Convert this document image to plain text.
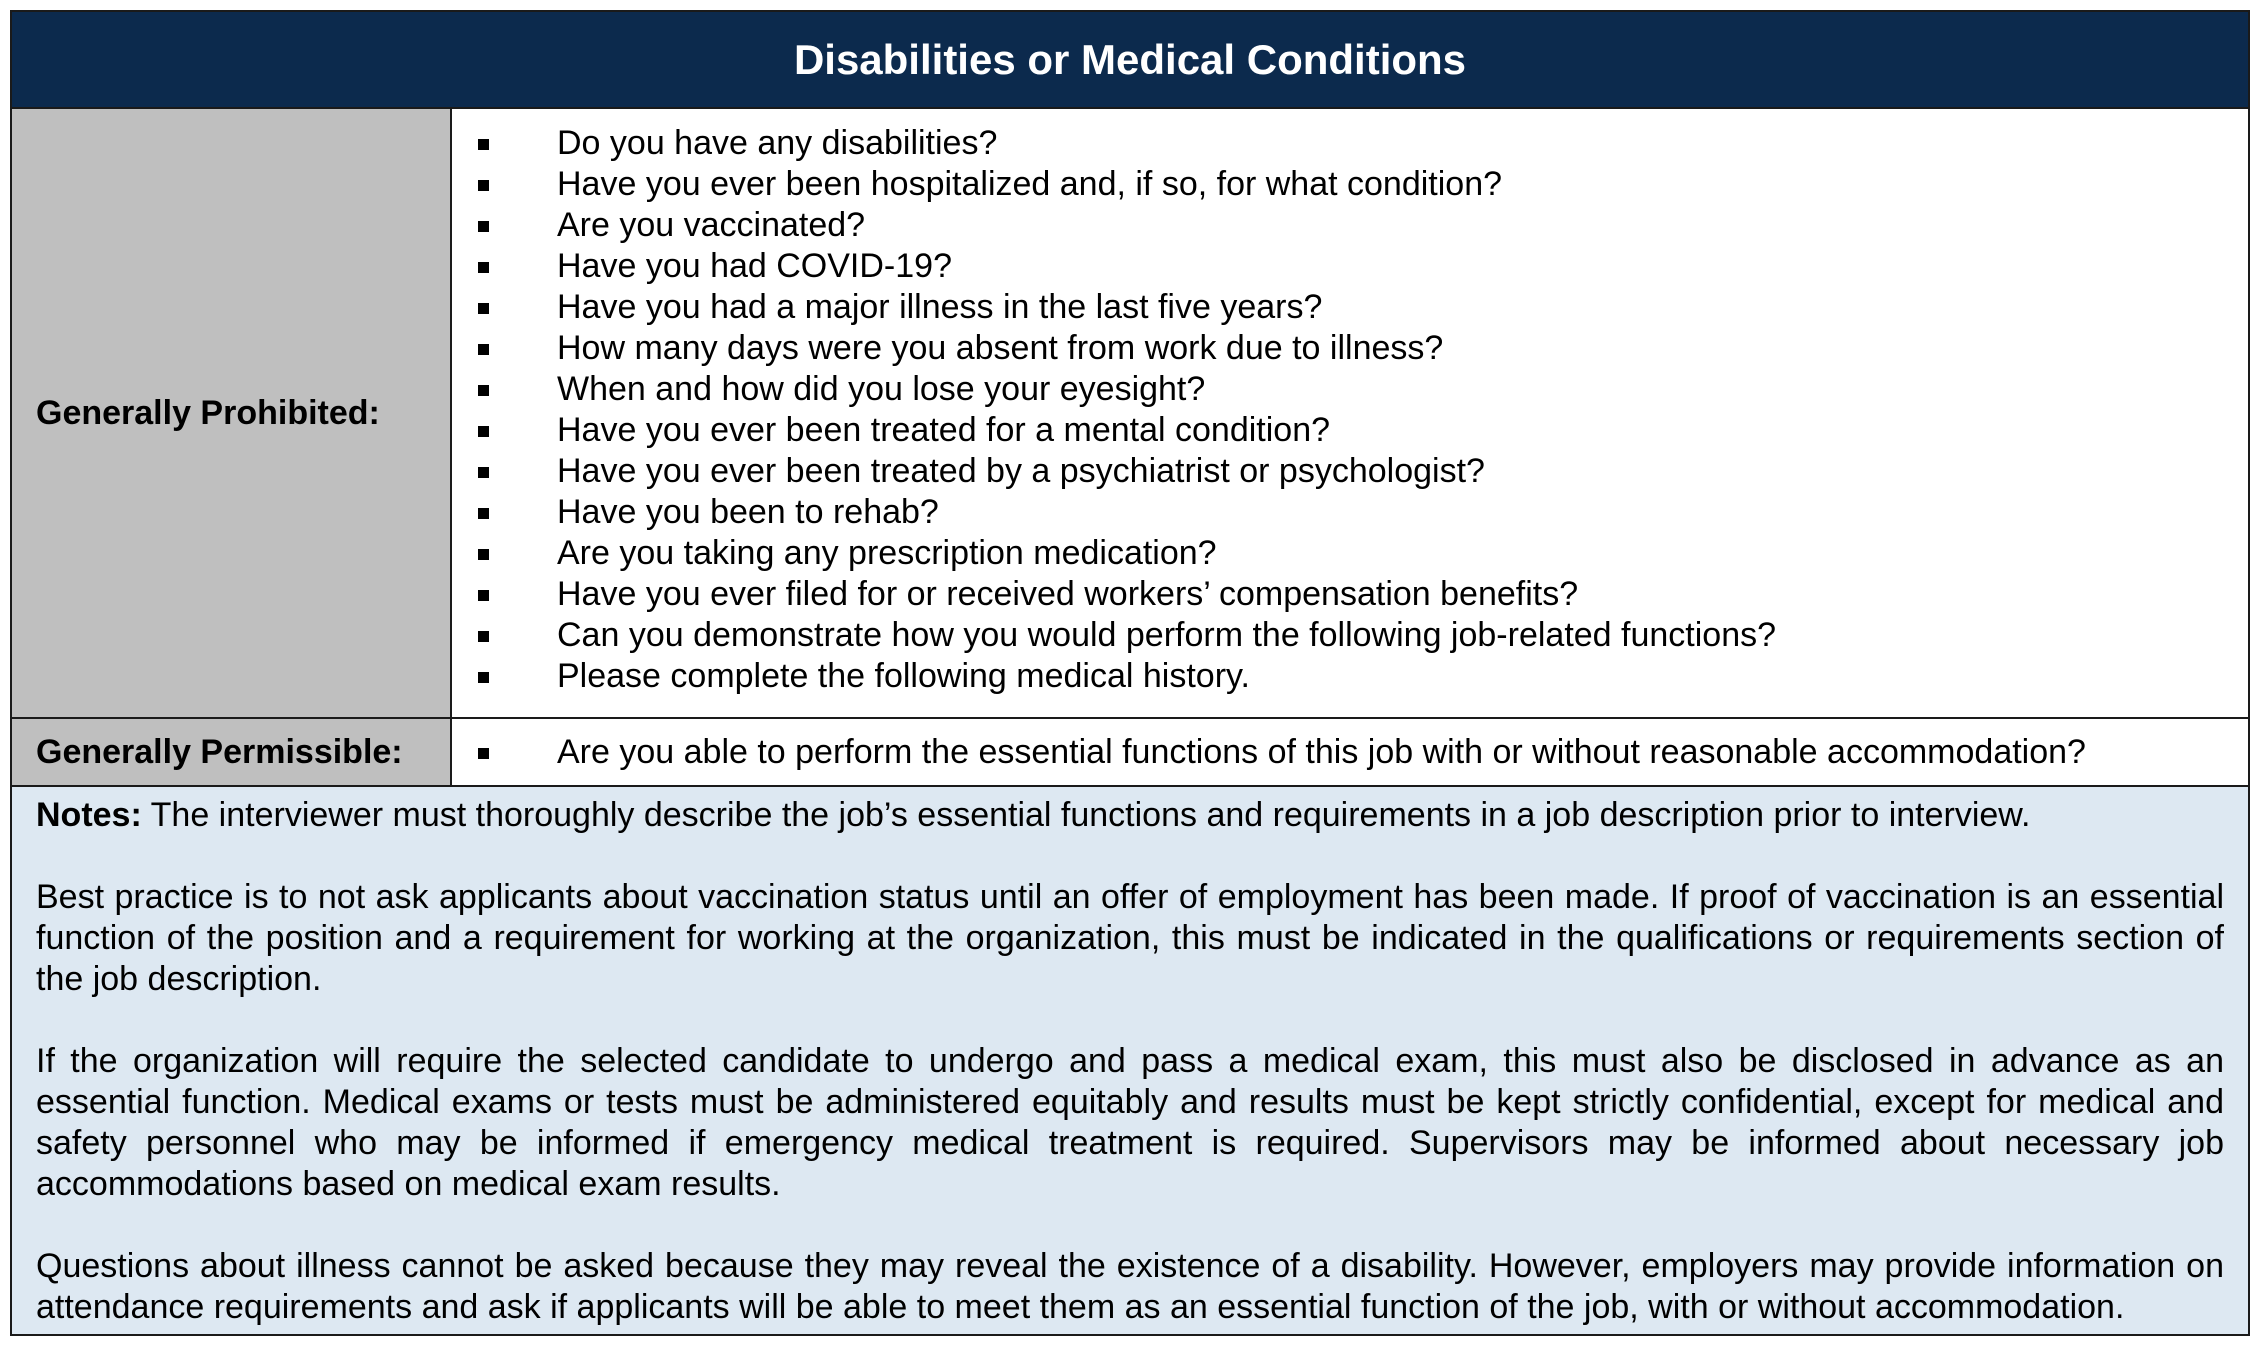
Disabilities or Medical Conditions
Generally Prohibited:
Do you have any disabilities?
Have you ever been hospitalized and, if so, for what condition?
Are you vaccinated?
Have you had COVID-19?
Have you had a major illness in the last five years?
How many days were you absent from work due to illness?
When and how did you lose your eyesight?
Have you ever been treated for a mental condition?
Have you ever been treated by a psychiatrist or psychologist?
Have you been to rehab?
Are you taking any prescription medication?
Have you ever filed for or received workers’ compensation benefits?
Can you demonstrate how you would perform the following job-related functions?
Please complete the following medical history.
Generally Permissible:	Are you able to perform the essential functions of this job with or without reasonable accommodation?

Notes: The interviewer must thoroughly describe the job’s essential functions and requirements in a job description prior to interview.

Best practice is to not ask applicants about vaccination status until an offer of employment has been made. If proof of vaccination is an essential function of the position and a requirement for working at the organization, this must be indicated in the qualifications or requirements section of the job description.

If the organization will require the selected candidate to undergo and pass a medical exam, this must also be disclosed in advance as an essential function. Medical exams or tests must be administered equitably and results must be kept strictly confidential, except for medical and safety personnel who may be informed if emergency medical treatment is required. Supervisors may be informed about necessary job accommodations based on medical exam results.

Questions about illness cannot be asked because they may reveal the existence of a disability. However, employers may provide information on attendance requirements and ask if applicants will be able to meet them as an essential function of the job, with or without accommodation.
